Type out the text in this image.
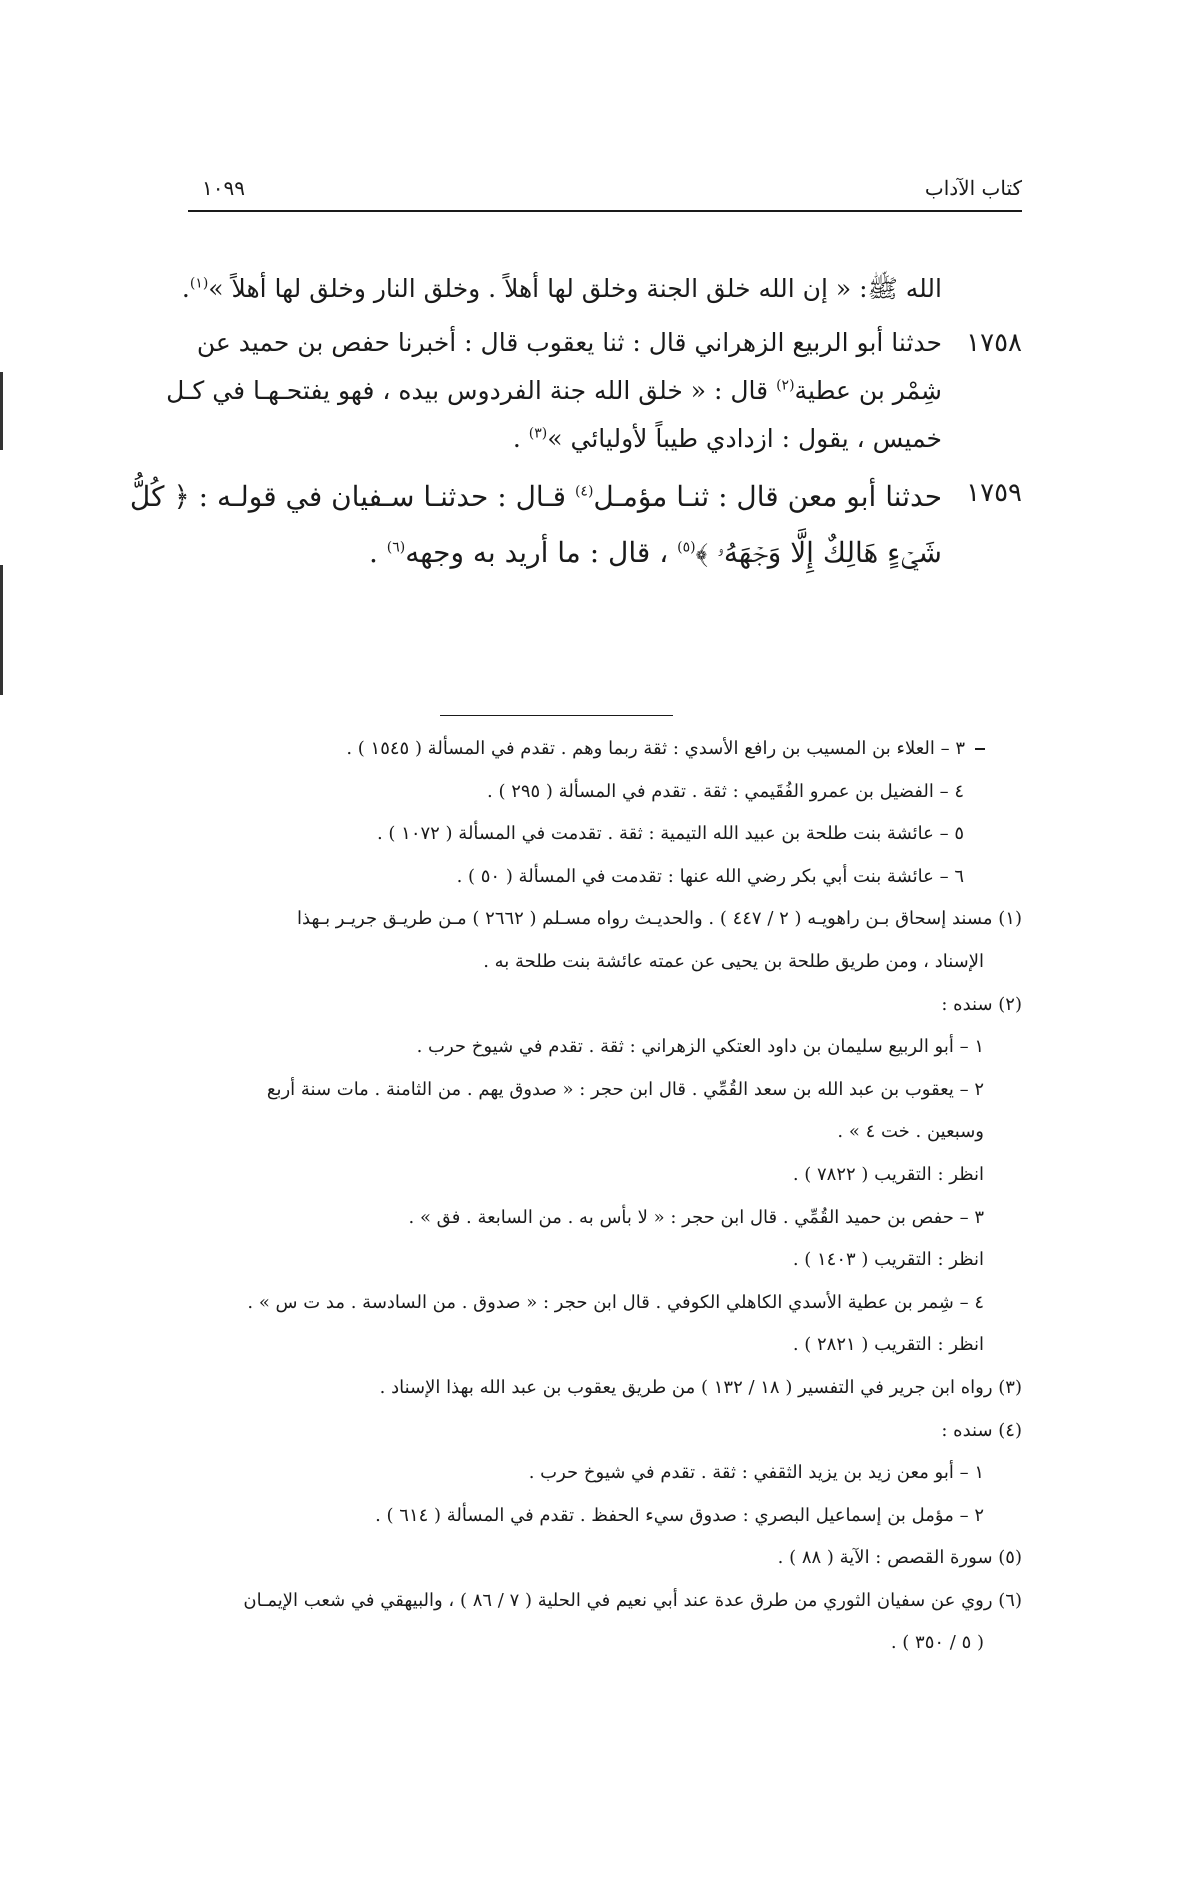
كتاب الآداب
١٠٩٩
الله ﷺ: « إن الله خلق الجنة وخلق لها أهلاً . وخلق النار وخلق لها أهلاً »$^{(١)}$.
١٧٥٨
حدثنا أبو الربيع الزهراني قال : ثنا يعقوب قال : أخبرنا حفص بن حميد عن
شِمْر بن عطية$^{(٢)}$ قال : « خلق الله جنة الفردوس بيده ، فهو يفتحـهـا في كـل
خميس ، يقول : ازدادي طيباً لأوليائي »$^{(٣)}$ .
١٧٥٩
حدثنا أبو معن قال : ثنـا مؤمـل$^{(٤)}$ قـال : حدثنـا سـفيان في قولـه : ﴿ كُلُّ
شَيۡءٍ هَالِكٌ إِلَّا وَجۡهَهُۥ ﴾$^{(٥)}$ ، قال : ما أريد به وجهه$^{(٦)}$ .
٣ – العلاء بن المسيب بن رافع الأسدي : ثقة ربما وهم . تقدم في المسألة ( ١٥٤٥ ) .
٤ – الفضيل بن عمرو الفُقَيمي : ثقة . تقدم في المسألة ( ٢٩٥ ) .
٥ – عائشة بنت طلحة بن عبيد الله التيمية : ثقة . تقدمت في المسألة ( ١٠٧٢ ) .
٦ – عائشة بنت أبي بكر رضي الله عنها : تقدمت في المسألة ( ٥٠ ) .
(١) مسند إسحاق بـن راهويـه ( ٢ / ٤٤٧ ) . والحديـث رواه مسـلم ( ٢٦٦٢ ) مـن طريـق جريـر بـهذا
الإسناد ، ومن طريق طلحة بن يحيى عن عمته عائشة بنت طلحة به .
(٢) سنده :
١ – أبو الربيع سليمان بن داود العتكي الزهراني : ثقة . تقدم في شيوخ حرب .
٢ – يعقوب بن عبد الله بن سعد القُمِّي . قال ابن حجر : « صدوق يهم . من الثامنة . مات سنة أربع
وسبعين . خت ٤ » .
انظر : التقريب ( ٧٨٢٢ ) .
٣ – حفص بن حميد القُمِّي . قال ابن حجر : « لا بأس به . من السابعة . فق » .
انظر : التقريب ( ١٤٠٣ ) .
٤ – شِمر بن عطية الأسدي الكاهلي الكوفي . قال ابن حجر : « صدوق . من السادسة . مد ت س » .
انظر : التقريب ( ٢٨٢١ ) .
(٣) رواه ابن جرير في التفسير ( ١٨ / ١٣٢ ) من طريق يعقوب بن عبد الله بهذا الإسناد .
(٤) سنده :
١ – أبو معن زيد بن يزيد الثقفي : ثقة . تقدم في شيوخ حرب .
٢ – مؤمل بن إسماعيل البصري : صدوق سيء الحفظ . تقدم في المسألة ( ٦١٤ ) .
(٥) سورة القصص : الآية ( ٨٨ ) .
(٦) روي عن سفيان الثوري من طرق عدة عند أبي نعيم في الحلية ( ٧ / ٨٦ ) ، والبيهقي في شعب الإيمـان
( ٥ / ٣٥٠ ) .
